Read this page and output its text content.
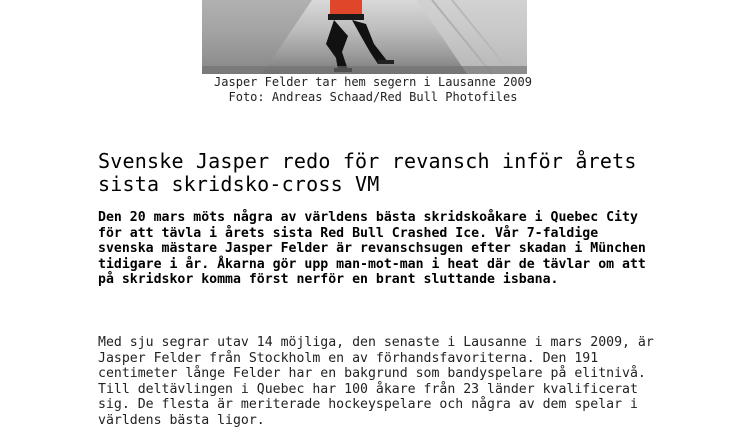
Jasper Felder tar hem segern i Lausanne 2009
Foto: Andreas Schaad/Red Bull Photofiles
Svenske Jasper redo för revansch inför årets sista skridsko-cross VM

Den 20 mars möts några av världens bästa skridskoåkare i Quebec City för att tävla i årets sista Red Bull Crashed Ice. Vår 7-faldige svenska mästare Jasper Felder är revanschsugen efter skadan i München tidigare i år. Åkarna gör upp man-mot-man i heat där de tävlar om att på skridskor komma först nerför en brant sluttande isbana.

Med sju segrar utav 14 möjliga, den senaste i Lausanne i mars 2009, är Jasper Felder från Stockholm en av förhandsfavoriterna. Den 191 centimeter långe Felder har en bakgrund som bandyspelare på elitnivå. Till deltävlingen i Quebec har 100 åkare från 23 länder kvalificerat sig. De flesta är meriterade hockeyspelare och några av dem spelar i världens bästa ligor.
